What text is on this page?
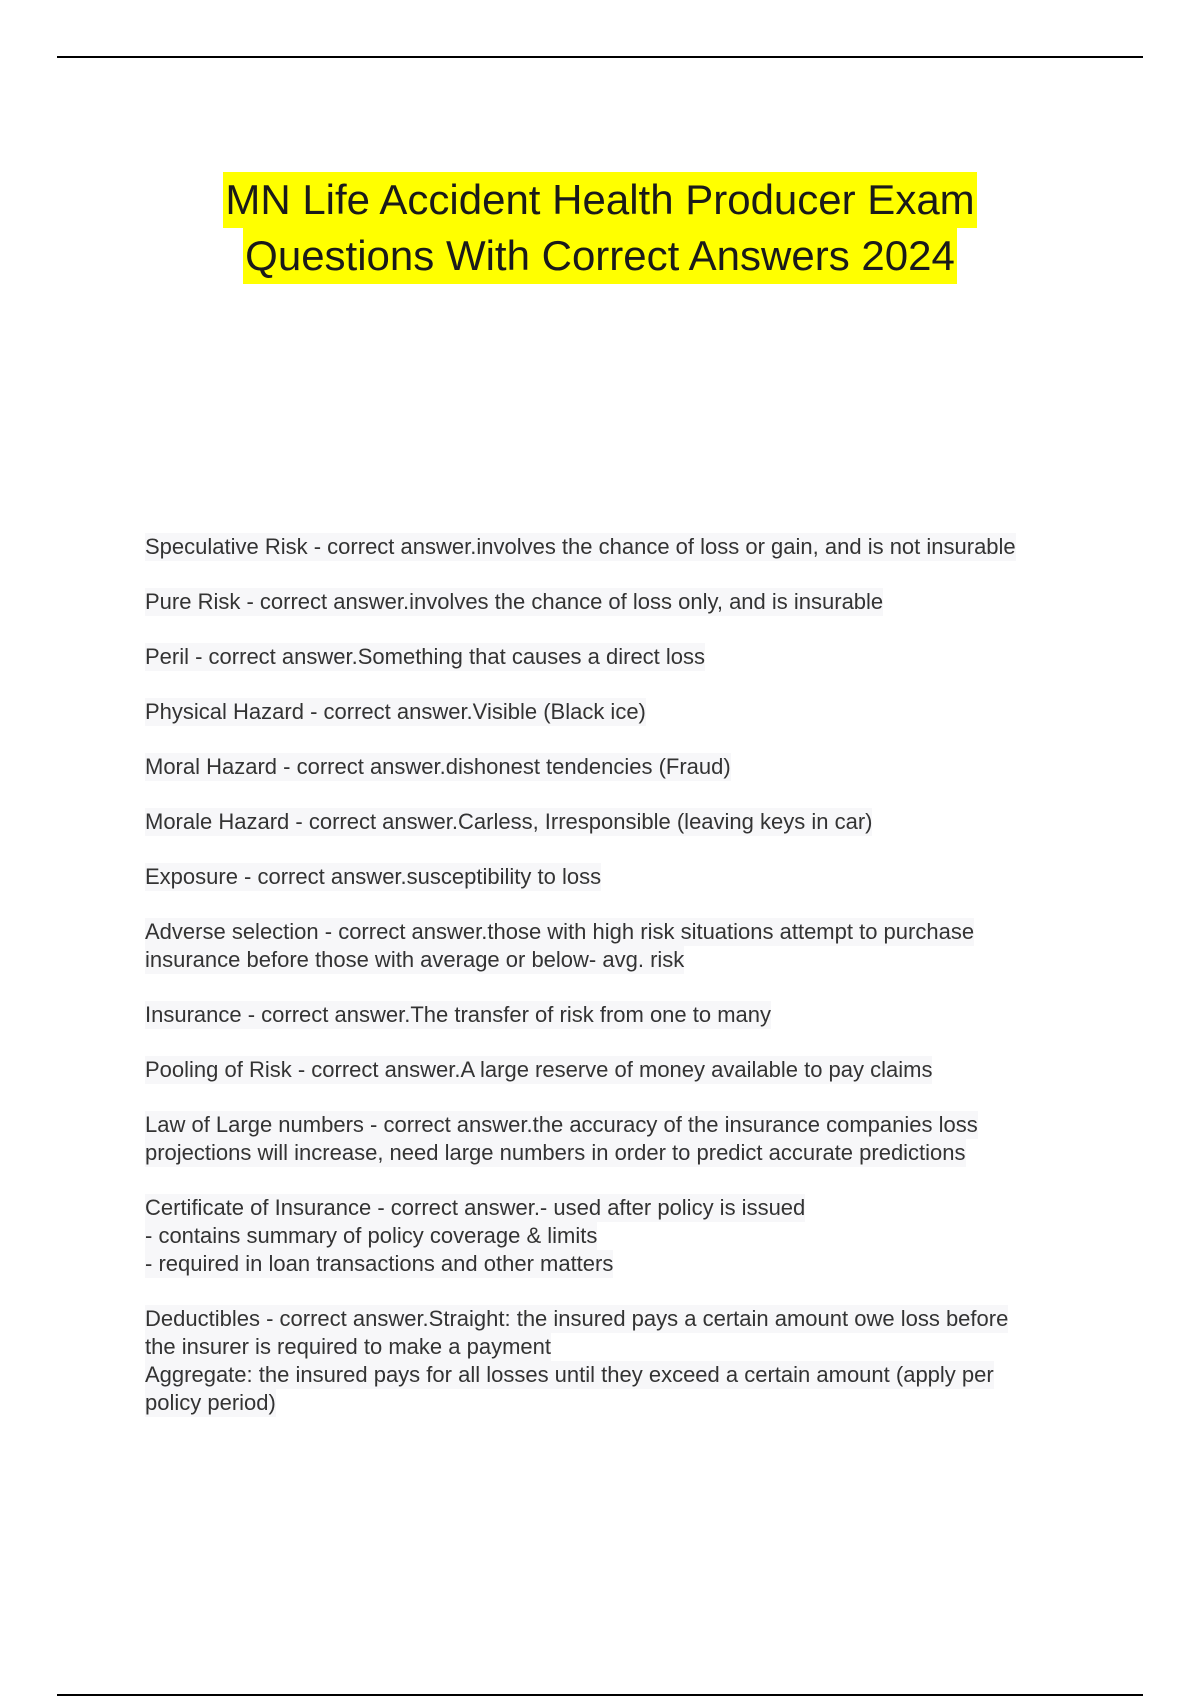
MN Life Accident Health Producer Exam
Questions With Correct Answers 2024
Speculative Risk - correct answer.involves the chance of loss or gain, and is not insurable
Pure Risk - correct answer.involves the chance of loss only, and is insurable
Peril - correct answer.Something that causes a direct loss
Physical Hazard - correct answer.Visible (Black ice)
Moral Hazard - correct answer.dishonest tendencies (Fraud)
Morale Hazard - correct answer.Carless, Irresponsible (leaving keys in car)
Exposure - correct answer.susceptibility to loss
Adverse selection - correct answer.those with high risk situations attempt to purchase
insurance before those with average or below- avg. risk
Insurance - correct answer.The transfer of risk from one to many
Pooling of Risk - correct answer.A large reserve of money available to pay claims
Law of Large numbers - correct answer.the accuracy of the insurance companies loss
projections will increase, need large numbers in order to predict accurate predictions
Certificate of Insurance - correct answer.- used after policy is issued
- contains summary of policy coverage & limits
- required in loan transactions and other matters
Deductibles - correct answer.Straight: the insured pays a certain amount owe loss before
the insurer is required to make a payment
Aggregate: the insured pays for all losses until they exceed a certain amount (apply per
policy period)
